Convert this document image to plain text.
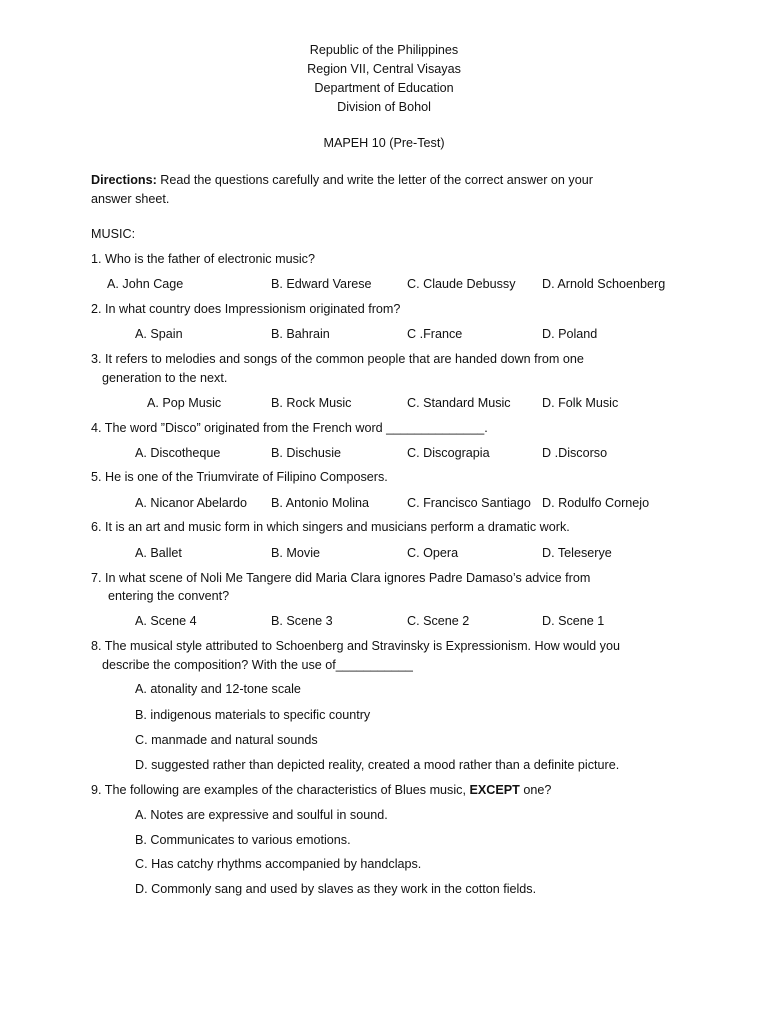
Republic of the Philippines
Region VII, Central Visayas
Department of Education
Division of Bohol
MAPEH 10 (Pre-Test)
Directions: Read the questions carefully and write the letter of the correct answer on your
answer sheet.
MUSIC:
1. Who is the father of electronic music?
A. John Cage	B. Edward Varese	C. Claude Debussy D. Arnold Schoenberg
2. In what country does Impressionism originated from?
A. Spain	B. Bahrain	C .France	D. Poland
3. It refers to melodies and songs of the common people that are handed down from one
generation to the next.
A. Pop Music	B. Rock Music	C. Standard Music D. Folk Music
4. The word ”Disco” originated from the French word ______________.
A. Discotheque	B. Dischusie	C. Discograpia	D .Discorso
5. He is one of the Triumvirate of Filipino Composers.
A. Nicanor Abelardo B. Antonio Molina	C. Francisco Santiago D. Rodulfo Cornejo
6. It is an art and music form in which singers and musicians perform a dramatic work.
A. Ballet	B. Movie	C. Opera	D. Teleserye
7. In what scene of Noli Me Tangere did Maria Clara ignores Padre Damaso’s advice from
entering the convent?
A. Scene 4	B. Scene 3	C. Scene 2	D. Scene 1
8. The musical style attributed to Schoenberg and Stravinsky is Expressionism. How would you
describe the composition? With the use of___________
A. atonality and 12-tone scale
B. indigenous materials to specific country
C. manmade and natural sounds
D. suggested rather than depicted reality, created a mood rather than a definite picture.
9. The following are examples of the characteristics of Blues music, EXCEPT one?
A. Notes are expressive and soulful in sound.
B. Communicates to various emotions.
C. Has catchy rhythms accompanied by handclaps.
D. Commonly sang and used by slaves as they work in the cotton fields.
